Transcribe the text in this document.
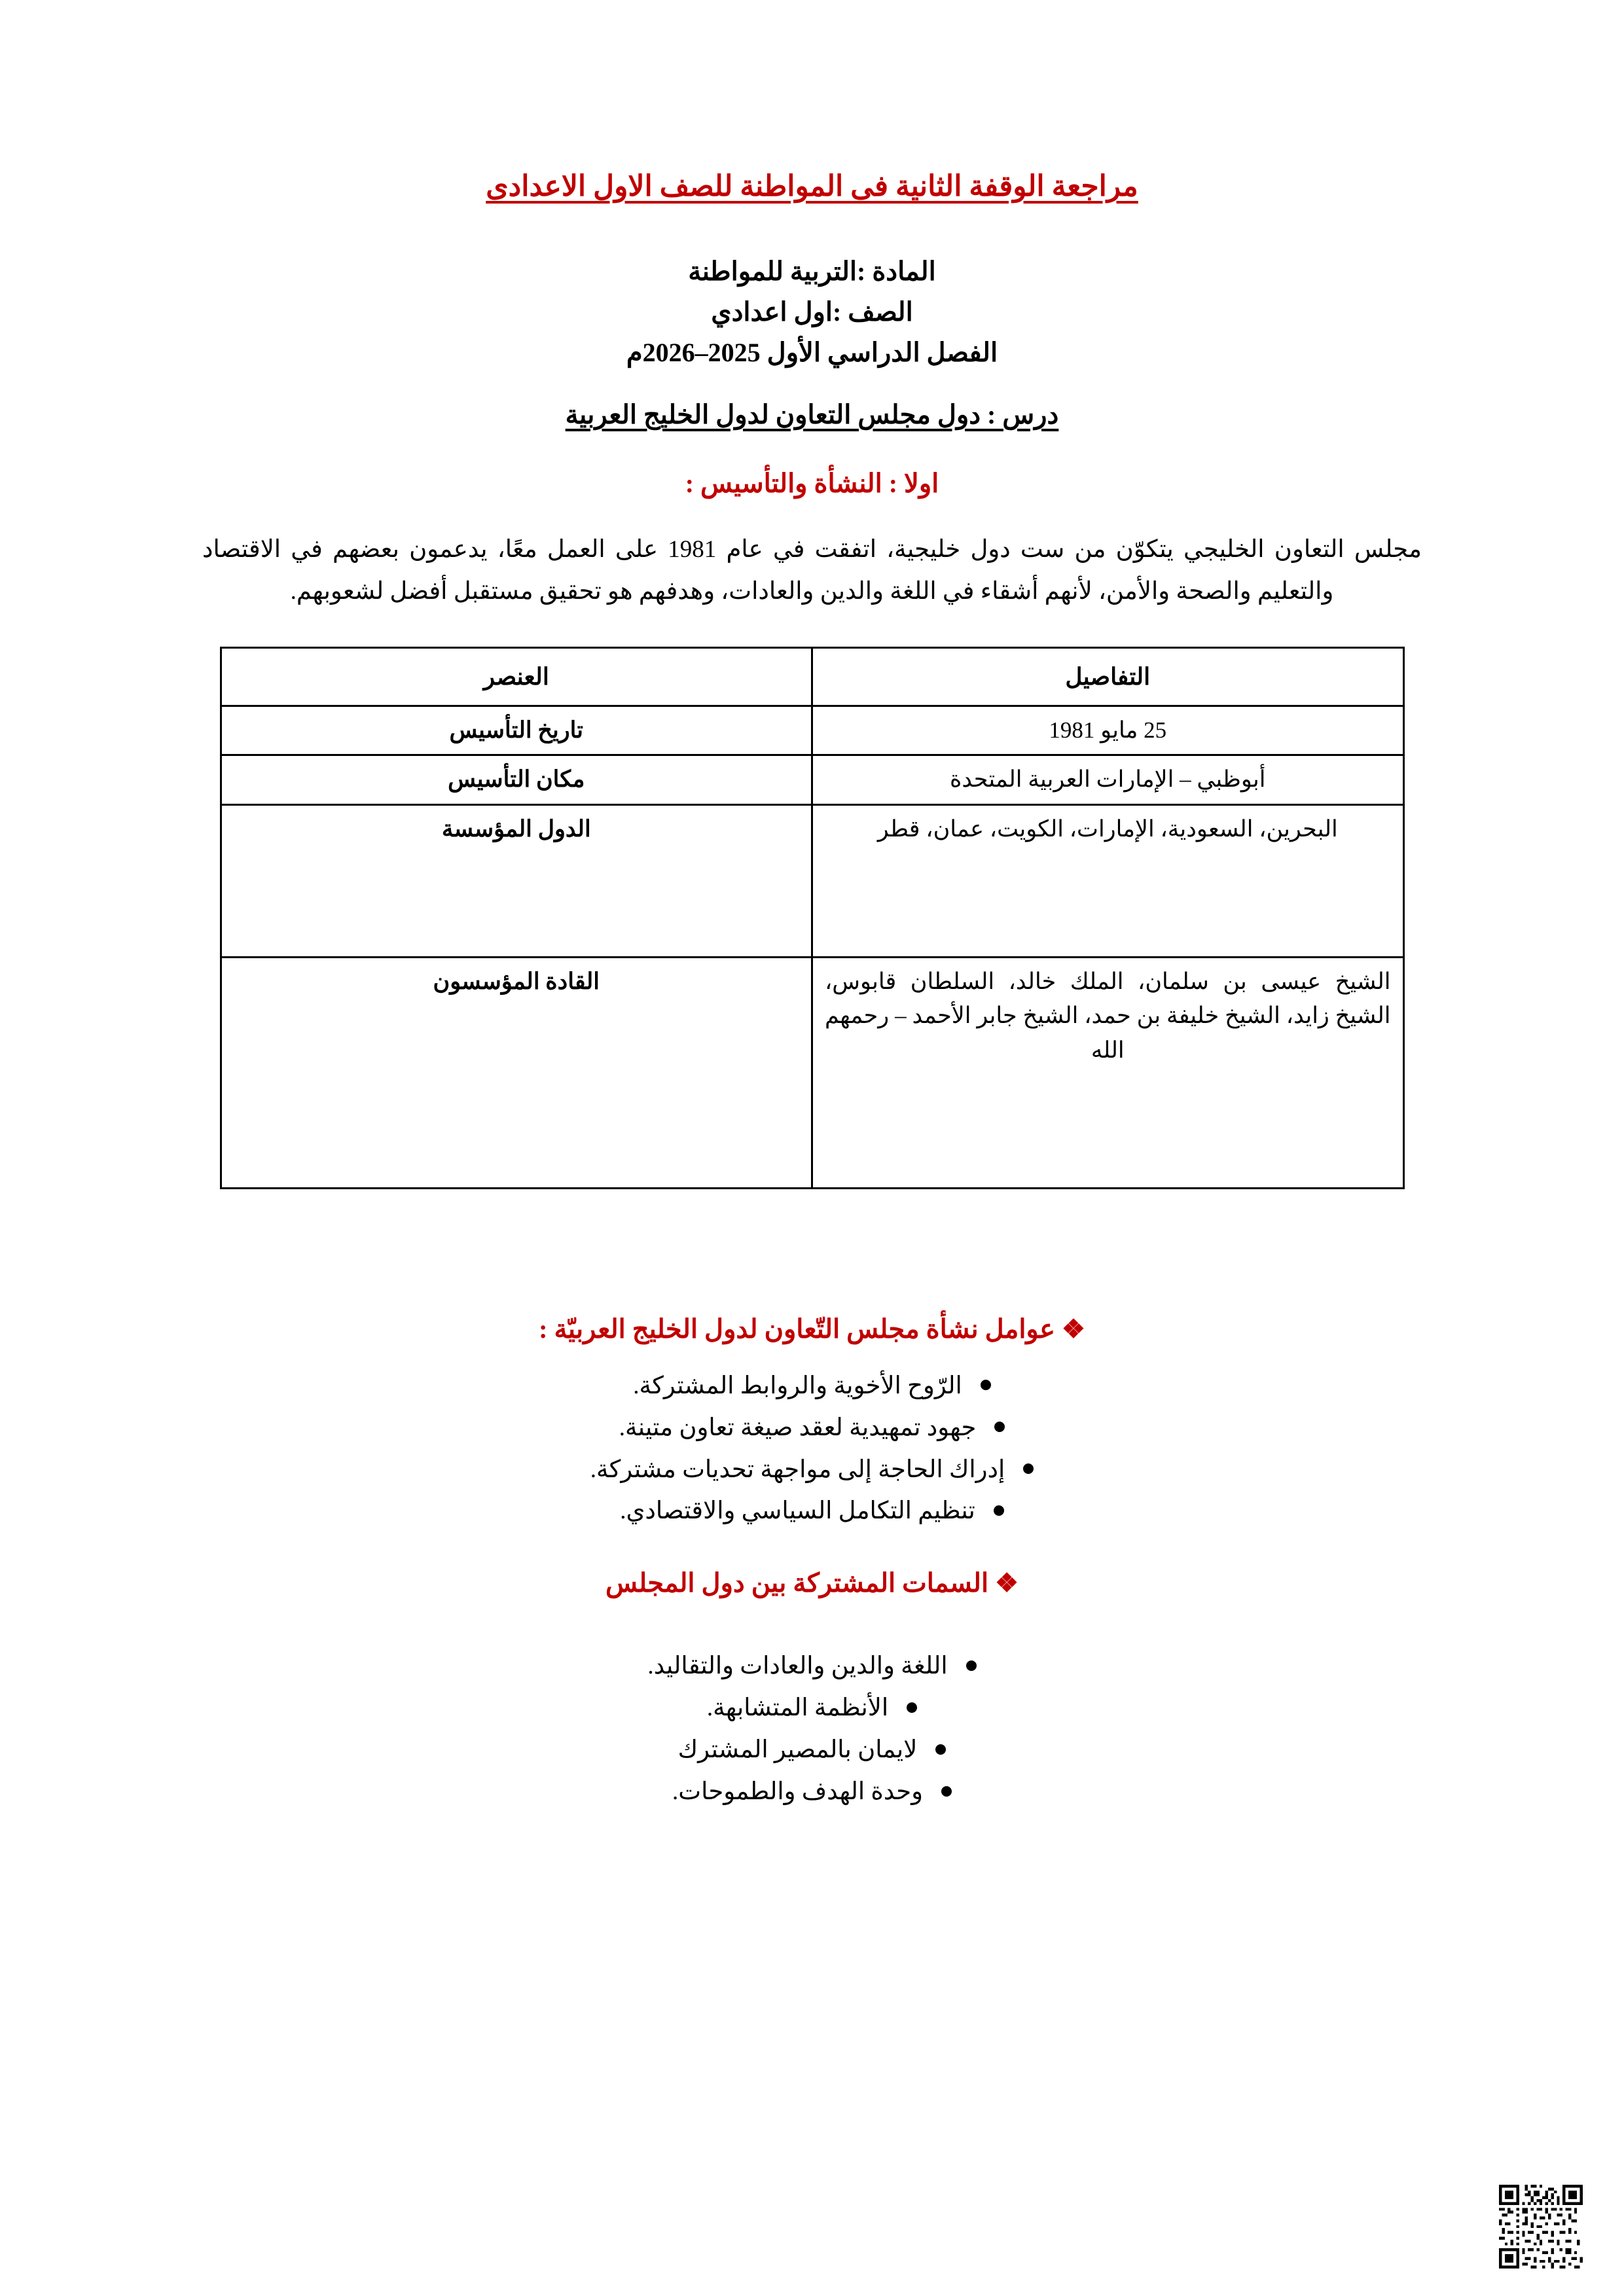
مراجعة الوقفة الثانية فى المواطنة للصف الاول الاعدادى
المادة :التربية للمواطنة
الصف :اول اعدادي
الفصل الدراسي الأول 2025–2026م
درس : دول مجلس التعاون لدول الخليج العربية
اولا : النشأة والتأسيس :

مجلس التعاون الخليجي يتكوّن من ست دول خليجية، اتفقت في عام 1981 على العمل معًا، يدعمون بعضهم في الاقتصاد والتعليم والصحة والأمن، لأنهم أشقاء في اللغة والدين والعادات، وهدفهم هو تحقيق مستقبل أفضل لشعوبهم.

التفاصيل	العنصر
25 مايو 1981	تاريخ التأسيس
أبوظبي – الإمارات العربية المتحدة	مكان التأسيس
البحرين، السعودية، الإمارات، الكويت، عمان، قطر	الدول المؤسسة
الشيخ عيسى بن سلمان، الملك خالد، السلطان قابوس، الشيخ زايد، الشيخ خليفة بن حمد، الشيخ جابر الأحمد – رحمهم الله	القادة المؤسسون
❖عوامل نشأة مجلس التّعاون لدول الخليج العربيّة :
الرّوح الأخوية والروابط المشتركة.
جهود تمهيدية لعقد صيغة تعاون متينة.
إدراك الحاجة إلى مواجهة تحديات مشتركة.
تنظيم التكامل السياسي والاقتصادي.
❖السمات المشتركة بين دول المجلس
اللغة والدين والعادات والتقاليد.
الأنظمة المتشابهة.
لايمان بالمصير المشترك
وحدة الهدف والطموحات.
